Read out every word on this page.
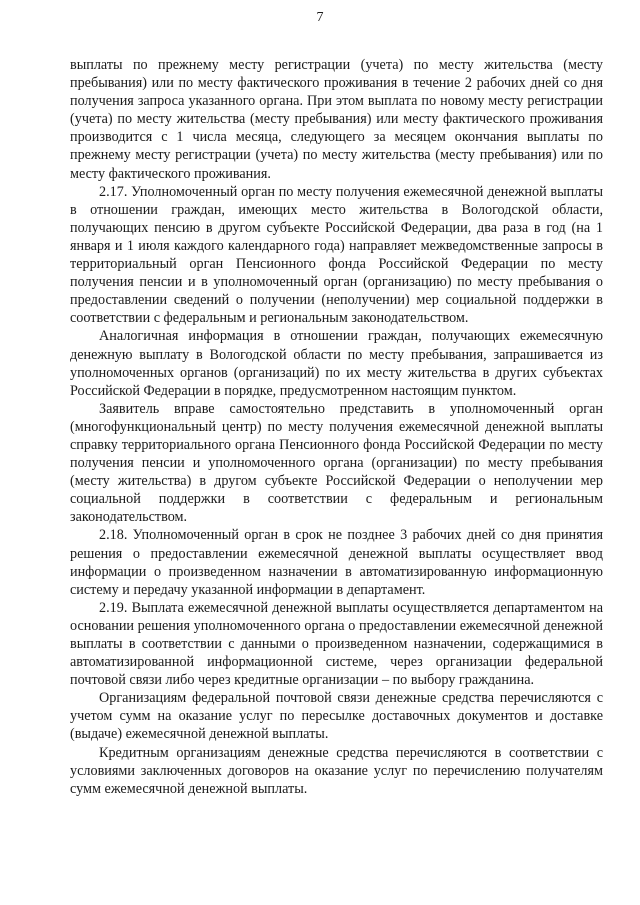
7

выплаты по прежнему месту регистрации (учета) по месту жительства (месту пребывания) или по месту фактического проживания в течение 2 рабочих дней со дня получения запроса указанного органа. При этом выплата по новому месту регистрации (учета) по месту жительства (месту пребывания) или месту фактического проживания производится с 1 числа месяца, следующего за месяцем окончания выплаты по прежнему месту регистрации (учета) по месту жительства (месту пребывания) или по месту фактического проживания.

2.17. Уполномоченный орган по месту получения ежемесячной денежной выплаты в отношении граждан, имеющих место жительства в Вологодской области, получающих пенсию в другом субъекте Российской Федерации, два раза в год (на 1 января и 1 июля каждого календарного года) направляет межведомственные запросы в территориальный орган Пенсионного фонда Российской Федерации по месту получения пенсии и в уполномоченный орган (организацию) по месту пребывания о предоставлении сведений о получении (неполучении) мер социальной поддержки в соответствии с федеральным и региональным законодательством.

Аналогичная информация в отношении граждан, получающих ежемесячную денежную выплату в Вологодской области по месту пребывания, запрашивается из уполномоченных органов (организаций) по их месту жительства в других субъектах Российской Федерации в порядке, предусмотренном настоящим пунктом.

Заявитель вправе самостоятельно представить в уполномоченный орган (многофункциональный центр) по месту получения ежемесячной денежной выплаты справку территориального органа Пенсионного фонда Российской Федерации по месту получения пенсии и уполномоченного органа (организации) по месту пребывания (месту жительства) в другом субъекте Российской Федерации о неполучении мер социальной поддержки в соответствии с федеральным и региональным законодательством.

2.18. Уполномоченный орган в срок не позднее 3 рабочих дней со дня принятия решения о предоставлении ежемесячной денежной выплаты осуществляет ввод информации о произведенном назначении в автоматизированную информационную систему и передачу указанной информации в департамент.

2.19. Выплата ежемесячной денежной выплаты осуществляется департаментом на основании решения уполномоченного органа о предоставлении ежемесячной денежной выплаты в соответствии с данными о произведенном назначении, содержащимися в автоматизированной информационной системе, через организации федеральной почтовой связи либо через кредитные организации – по выбору гражданина.

Организациям федеральной почтовой связи денежные средства перечисляются с учетом сумм на оказание услуг по пересылке доставочных документов и доставке (выдаче) ежемесячной денежной выплаты.

Кредитным организациям денежные средства перечисляются в соответствии с условиями заключенных договоров на оказание услуг по перечислению получателям сумм ежемесячной денежной выплаты.
